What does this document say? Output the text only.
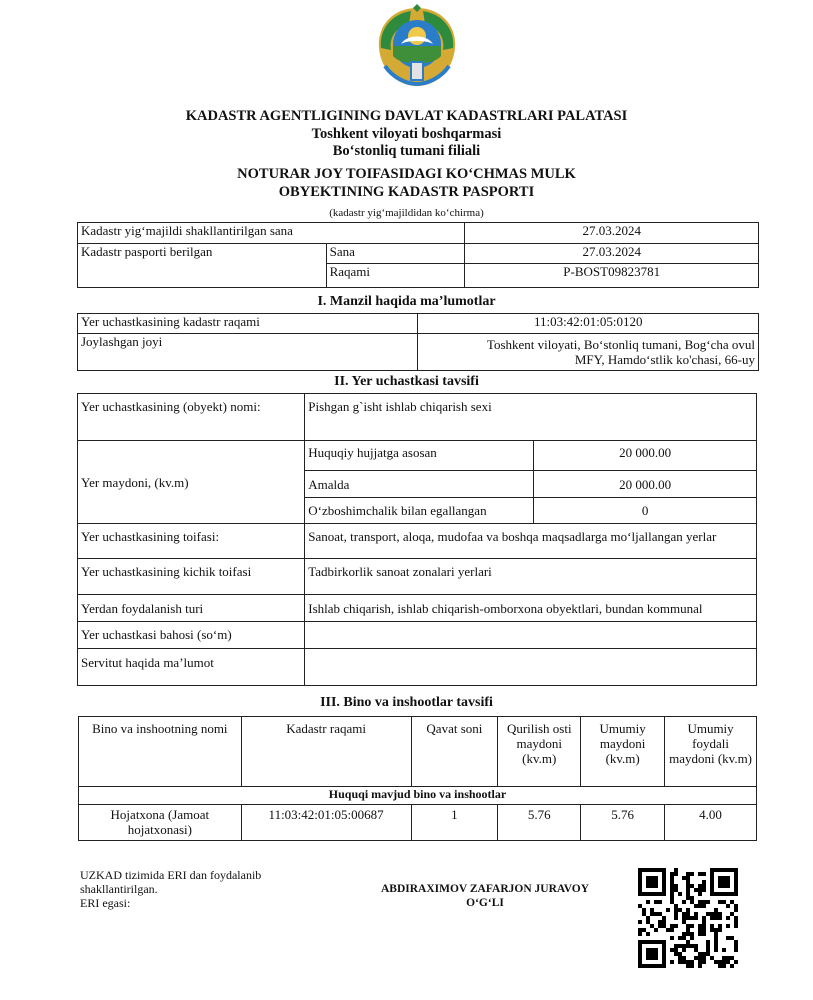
KADASTR AGENTLIGINING DAVLAT KADASTRLARI PALATASI
Toshkent viloyati boshqarmasi
Bo‘stonliq tumani filiali
NOTURAR JOY TOIFASIDAGI KO‘CHMAS MULK
OBYEKTINING KADASTR PASPORTI
(kadastr yig‘majildidan ko‘chirma)
Kadastr yig‘majildi shakllantirilgan sana		27.03.2024
Kadastr pasporti berilgan	Sana	27.03.2024
	Raqami	P-BOST09823781
I. Manzil haqida ma’lumotlar
Yer uchastkasining kadastr raqami	11:03:42:01:05:0120
Joylashgan joyi	Toshkent viloyati, Bo‘stonliq tumani, Bog‘cha ovul
MFY, Hamdo‘stlik ko'chasi, 66-uy
II. Yer uchastkasi tavsifi
Yer uchastkasining (obyekt) nomi:	Pishgan g`isht ishlab chiqarish sexi	
Yer maydoni, (kv.m)	Huquqiy hujjatga asosan	20 000.00
	Amalda	20 000.00
	O‘zboshimchalik bilan egallangan	0
Yer uchastkasining toifasi:	Sanoat, transport, aloqa, mudofaa va boshqa maqsadlarga mo‘ljallangan yerlar	
Yer uchastkasining kichik toifasi	Tadbirkorlik sanoat zonalari yerlari	
Yerdan foydalanish turi	Ishlab chiqarish, ishlab chiqarish-omborxona obyektlari, bundan kommunal	

Yer uchastkasi bahosi (so‘m)		
Servitut haqida ma’lumot		
III. Bino va inshootlar tavsifi
Bino va inshootning nomi	Kadastr raqami	Qavat soni	Qurilish osti maydoni (kv.m)	Umumiy maydoni (kv.m)	Umumiy foydali maydoni (kv.m)
Huquqi mavjud bino va inshootlar					
Hojatxona (Jamoat hojatxonasi)	11:03:42:01:05:00687	1	5.76	5.76	4.00
UZKAD tizimida ERI dan foydalanib
shakllantirilgan.
ERI egasi:
ABDIRAXIMOV ZAFARJON JURAVOY
O‘G‘LI
